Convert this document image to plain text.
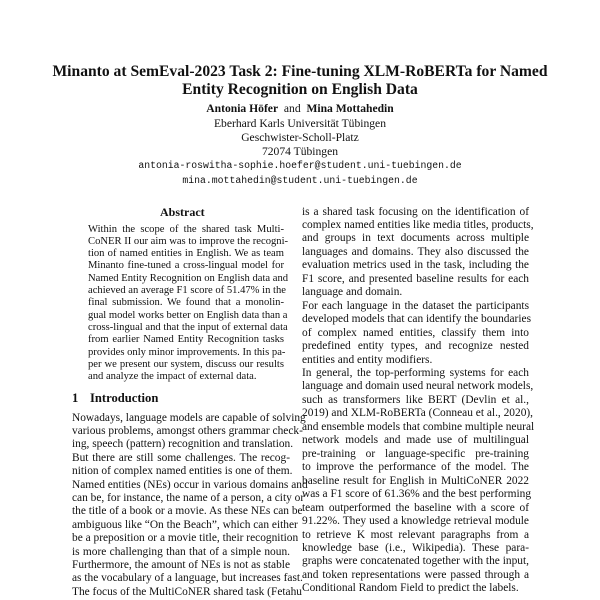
Minanto at SemEval-2023 Task 2: Fine-tuning XLM-RoBERTa for Named
Entity Recognition on English Data
Antonia Höfer and Mina Mottahedin
Eberhard Karls Universität Tübingen
Geschwister-Scholl-Platz
72074 Tübingen
antonia-roswitha-sophie.hoefer@student.uni-tuebingen.de
mina.mottahedin@student.uni-tuebingen.de
Abstract
Within the scope of the shared task Multi-
CoNER II our aim was to improve the recogni-
tion of named entities in English. We as team
Minanto fine-tuned a cross-lingual model for
Named Entity Recognition on English data and
achieved an average F1 score of 51.47% in the
final submission. We found that a monolin-
gual model works better on English data than a
cross-lingual and that the input of external data
from earlier Named Entity Recognition tasks
provides only minor improvements. In this pa-
per we present our system, discuss our results
and analyze the impact of external data.
1 Introduction
Nowadays, language models are capable of solving
various problems, amongst others grammar check-
ing, speech (pattern) recognition and translation.
But there are still some challenges. The recog-
nition of complex named entities is one of them.
Named entities (NEs) occur in various domains and
can be, for instance, the name of a person, a city or
the title of a book or a movie. As these NEs can be
ambiguous like “On the Beach”, which can either
be a preposition or a movie title, their recognition
is more challenging than that of a simple noun.
Furthermore, the amount of NEs is not as stable
as the vocabulary of a language, but increases fast.
The focus of the MultiCoNER shared task (Fetahu
is a shared task focusing on the identification of
complex named entities like media titles, products,
and groups in text documents across multiple
languages and domains. They also discussed the
evaluation metrics used in the task, including the
F1 score, and presented baseline results for each
language and domain.
For each language in the dataset the participants
developed models that can identify the boundaries
of complex named entities, classify them into
predefined entity types, and recognize nested
entities and entity modifiers.
In general, the top-performing systems for each
language and domain used neural network models,
such as transformers like BERT (Devlin et al.,
2019) and XLM-RoBERTa (Conneau et al., 2020),
and ensemble models that combine multiple neural
network models and made use of multilingual
pre-training or language-specific pre-training
to improve the performance of the model. The
baseline result for English in MultiCoNER 2022
was a F1 score of 61.36% and the best performing
team outperformed the baseline with a score of
91.22%. They used a knowledge retrieval module
to retrieve K most relevant paragraphs from a
knowledge base (i.e., Wikipedia). These para-
graphs were concatenated together with the input,
and token representations were passed through a
Conditional Random Field to predict the labels.
